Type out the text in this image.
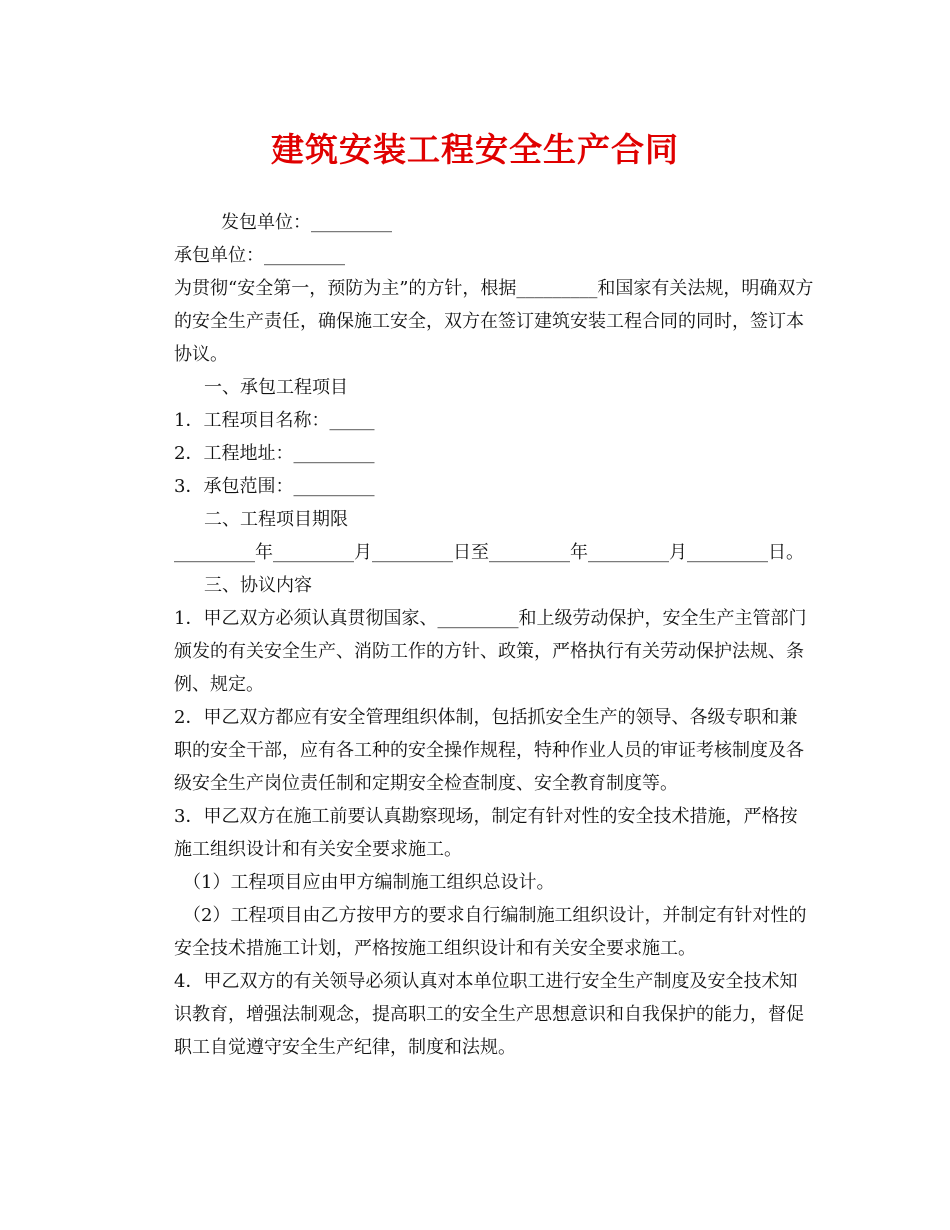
建筑安装工程安全生产合同

发包单位：_________

承包单位：_________

为贯彻“安全第一，预防为主”的方针，根据_________和国家有关法规，明确双方的安全生产责任，确保施工安全，双方在签订建筑安装工程合同的同时，签订本协议。

一、承包工程项目

1．工程项目名称：_____

2．工程地址：_________

3．承包范围：_________

二、工程项目期限

_________年_________月_________日至_________年_________月_________日。

三、协议内容

1．甲乙双方必须认真贯彻国家、_________和上级劳动保护，安全生产主管部门颁发的有关安全生产、消防工作的方针、政策，严格执行有关劳动保护法规、条例、规定。

2．甲乙双方都应有安全管理组织体制，包括抓安全生产的领导、各级专职和兼职的安全干部，应有各工种的安全操作规程，特种作业人员的审证考核制度及各级安全生产岗位责任制和定期安全检查制度、安全教育制度等。

3．甲乙双方在施工前要认真勘察现场，制定有针对性的安全技术措施，严格按施工组织设计和有关安全要求施工。

（1）工程项目应由甲方编制施工组织总设计。

（2）工程项目由乙方按甲方的要求自行编制施工组织设计，并制定有针对性的安全技术措施工计划，严格按施工组织设计和有关安全要求施工。

4．甲乙双方的有关领导必须认真对本单位职工进行安全生产制度及安全技术知识教育，增强法制观念，提高职工的安全生产思想意识和自我保护的能力，督促职工自觉遵守安全生产纪律，制度和法规。
